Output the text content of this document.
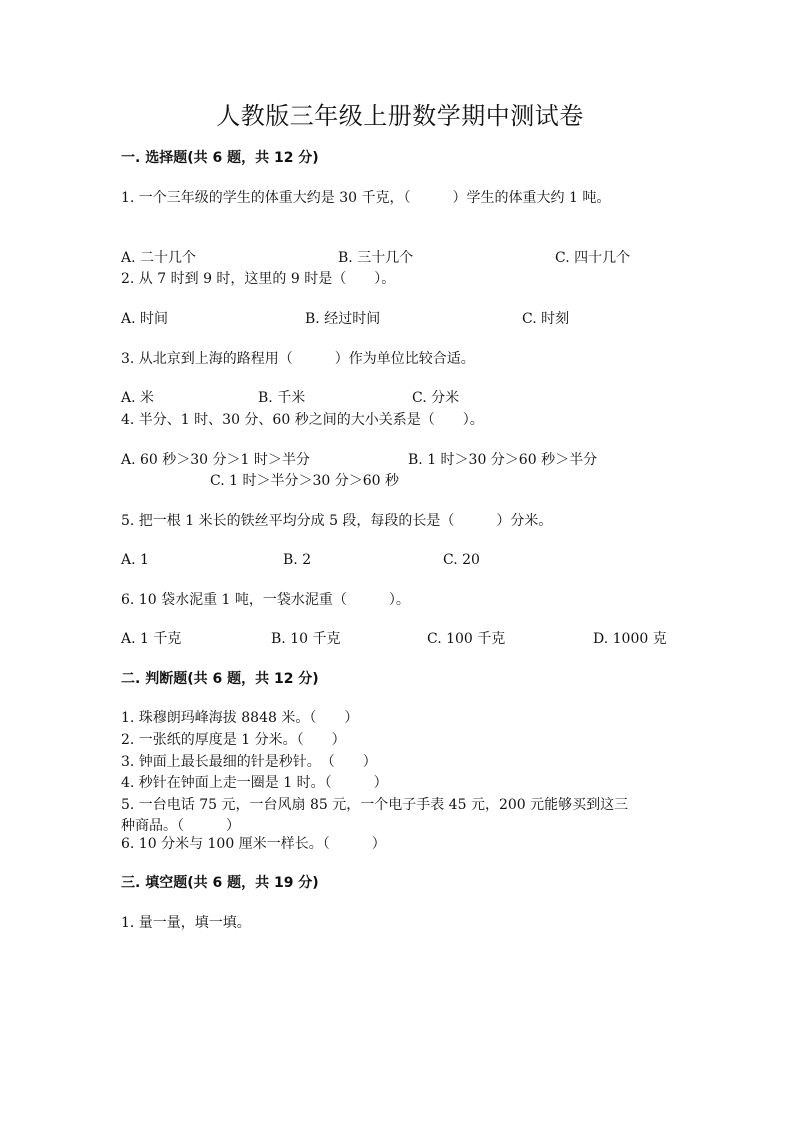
人教版三年级上册数学期中测试卷
一. 选择题(共 6 题，共 12 分)
1. 一个三年级的学生的体重大约是 30 千克，（　　　）学生的体重大约 1 吨。
A. 二十几个	B. 三十几个	C. 四十几个
2. 从 7 时到 9 时，这里的 9 时是（　　）。
A. 时间	B. 经过时间	C. 时刻
3. 从北京到上海的路程用（　　　）作为单位比较合适。
A. 米	B. 千米	C. 分米
4. 半分、1 时、30 分、60 秒之间的大小关系是（　　）。
A. 60 秒＞30 分＞1 时＞半分	B. 1 时＞30 分＞60 秒＞半分
C. 1 时＞半分＞30 分＞60 秒
5. 把一根 1 米长的铁丝平均分成 5 段，每段的长是（　　　）分米。
A. 1	B. 2	C. 20
6. 10 袋水泥重 1 吨，一袋水泥重（　　　）。
A. 1 千克	B. 10 千克	C. 100 千克	D. 1000 克
二. 判断题(共 6 题，共 12 分)
1. 珠穆朗玛峰海拔 8848 米。（　　）
2. 一张纸的厚度是 1 分米。（　　）
3. 钟面上最长最细的针是秒针。　（　　）
4. 秒针在钟面上走一圈是 1 时。（　　　）
5. 一台电话 75 元，一台风扇 85 元，一个电子手表 45 元，200 元能够买到这三
种商品。（　　　）
6. 10 分米与 100 厘米一样长。（　　　）
三. 填空题(共 6 题，共 19 分)
1. 量一量，填一填。
